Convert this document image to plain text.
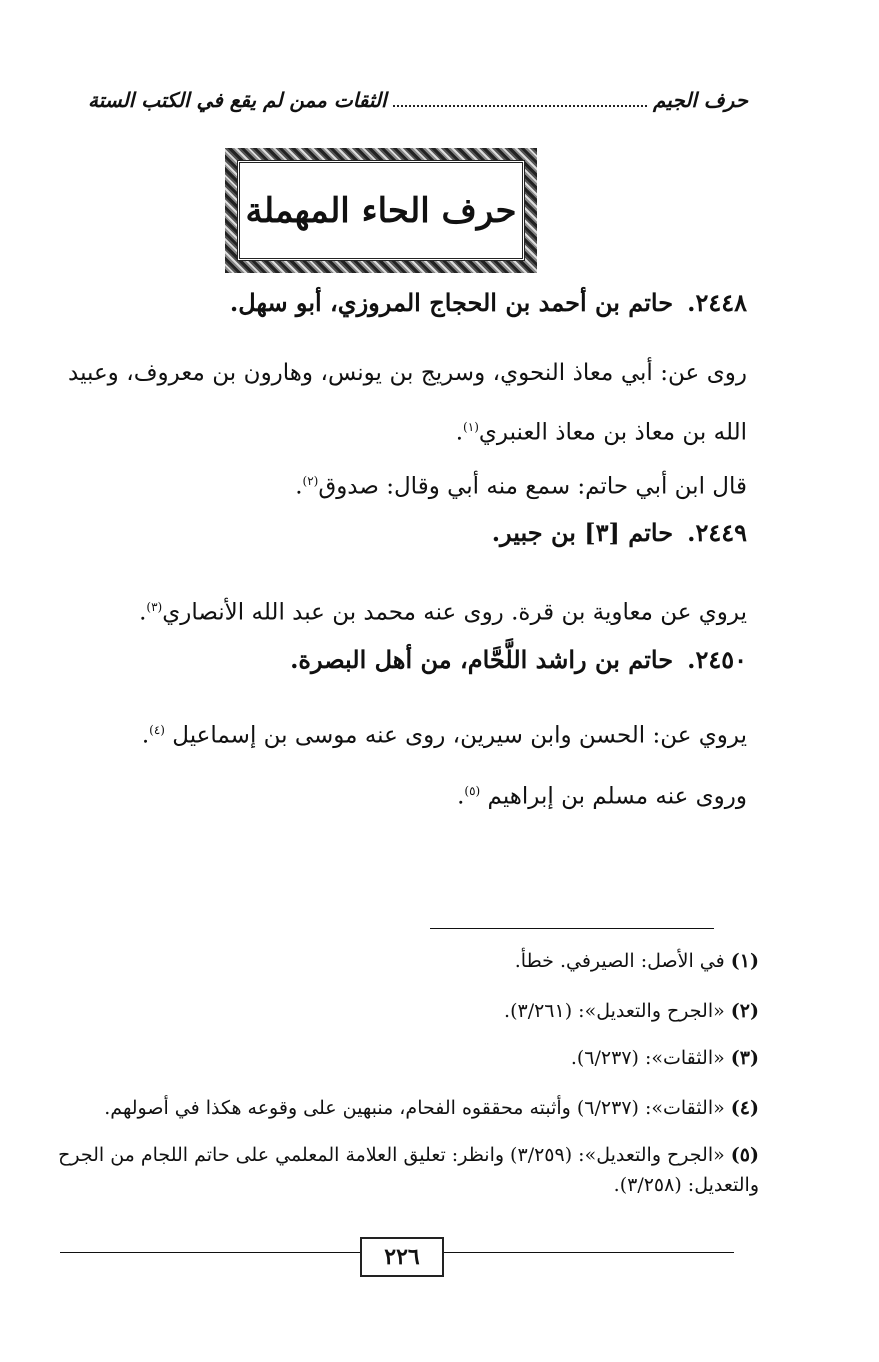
حرف الجيم
الثقات ممن لم يقع في الكتب الستة
حرف الحاء المهملة
٢٤٤٨.
حاتم بن أحمد بن الحجاج المروزي، أبو سهل.
روى عن: أبي معاذ النحوي، وسريج بن يونس، وهارون بن معروف، وعبيد الله بن معاذ بن معاذ العنبري$^{(١)}$.
قال ابن أبي حاتم: سمع منه أبي وقال: صدوق$^{(٢)}$.
٢٤٤٩.
حاتم [٣] بن جبير.
يروي عن معاوية بن قرة. روى عنه محمد بن عبد الله الأنصاري$^{(٣)}$.
٢٤٥٠.
حاتم بن راشد اللَّحَّام، من أهل البصرة.
يروي عن: الحسن وابن سيرين، روى عنه موسى بن إسماعيل $^{(٤)}$.
وروى عنه مسلم بن إبراهيم $^{(٥)}$.
(١) في الأصل: الصيرفي. خطأ.
(٢) «الجرح والتعديل»: (٣/٢٦١).
(٣) «الثقات»: (٦/٢٣٧).
(٤) «الثقات»: (٦/٢٣٧) وأثبته محققوه الفحام، منبهين على وقوعه هكذا في أصولهم.
(٥) «الجرح والتعديل»: (٣/٢٥٩) وانظر: تعليق العلامة المعلمي على حاتم اللجام من الجرح والتعديل: (٣/٢٥٨).
٢٢٦
